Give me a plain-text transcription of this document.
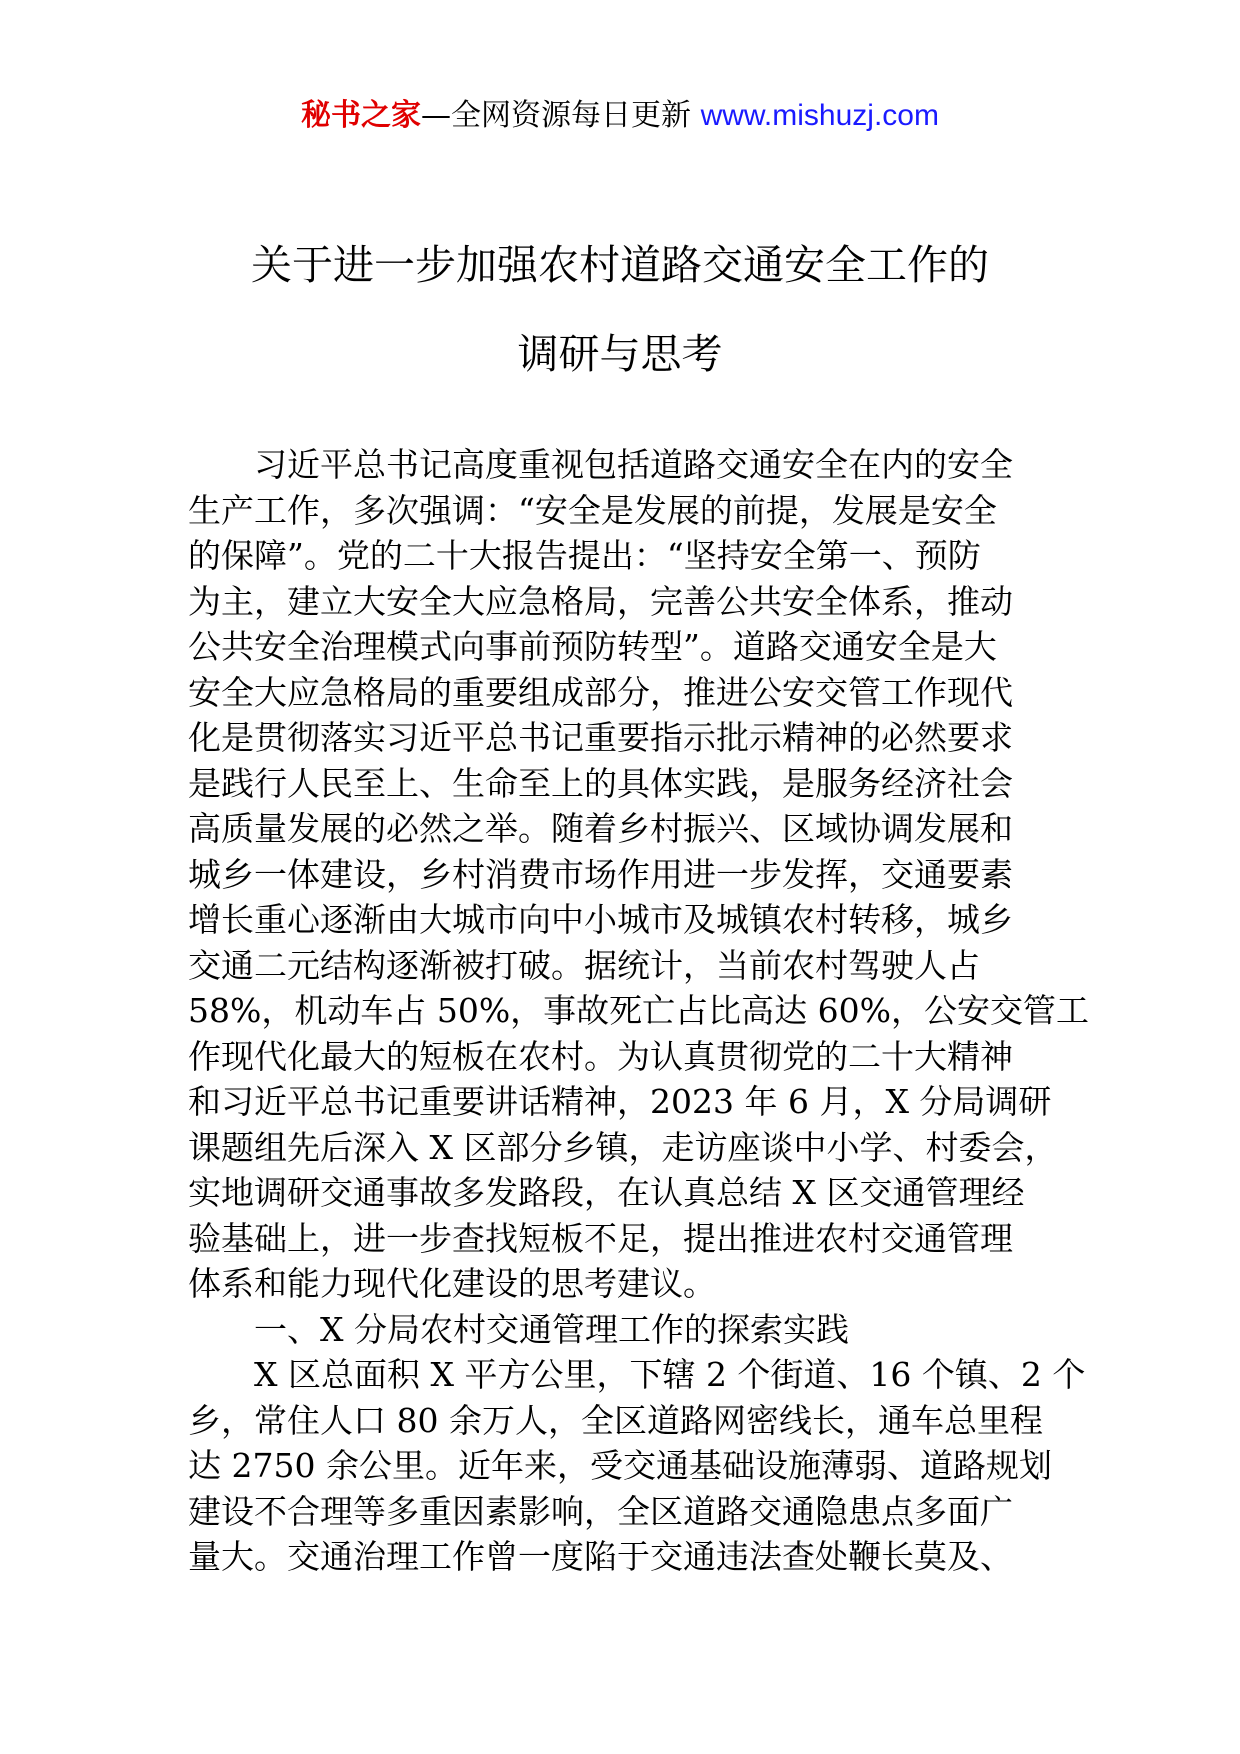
秘书之家—全网资源每日更新 www.mishuzj.com
关于进一步加强农村道路交通安全工作的
调研与思考
习近平总书记高度重视包括道路交通安全在内的安全
生产工作，多次强调：“安全是发展的前提，发展是安全
的保障”。党的二十大报告提出：“坚持安全第一、预防
为主，建立大安全大应急格局，完善公共安全体系，推动
公共安全治理模式向事前预防转型”。道路交通安全是大
安全大应急格局的重要组成部分，推进公安交管工作现代
化是贯彻落实习近平总书记重要指示批示精神的必然要求
是践行人民至上、生命至上的具体实践，是服务经济社会
高质量发展的必然之举。随着乡村振兴、区域协调发展和
城乡一体建设，乡村消费市场作用进一步发挥，交通要素
增长重心逐渐由大城市向中小城市及城镇农村转移，城乡
交通二元结构逐渐被打破。据统计，当前农村驾驶人占
58%，机动车占 50%，事故死亡占比高达 60%，公安交管工
作现代化最大的短板在农村。为认真贯彻党的二十大精神
和习近平总书记重要讲话精神，2023 年 6 月，X 分局调研
课题组先后深入 X 区部分乡镇，走访座谈中小学、村委会，
实地调研交通事故多发路段，在认真总结 X 区交通管理经
验基础上，进一步查找短板不足，提出推进农村交通管理
体系和能力现代化建设的思考建议。
一、X 分局农村交通管理工作的探索实践
X 区总面积 X 平方公里，下辖 2 个街道、16 个镇、2 个
乡，常住人口 80 余万人，全区道路网密线长，通车总里程
达 2750 余公里。近年来，受交通基础设施薄弱、道路规划
建设不合理等多重因素影响，全区道路交通隐患点多面广
量大。交通治理工作曾一度陷于交通违法查处鞭长莫及、
